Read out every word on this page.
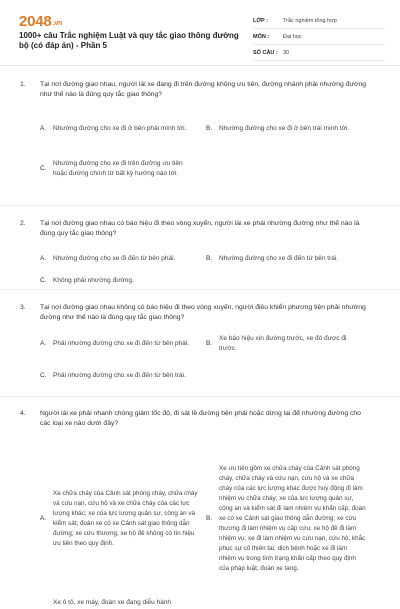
2048.vn
1000+ câu Trắc nghiệm Luật và quy tắc giao thông đường bộ (có đáp án) - Phần 5
LỚP :	Trắc nghiệm tổng hợp
MÔN :	Đại học
SỐ CÂU : 30
1.	Tại nơi đường giao nhau, người lái xe đang đi trên đường không ưu tiên, đường nhánh phải nhường đường như thế nào là đúng quy tắc giao thông?
A.	Nhường đường cho xe đi ở bên phải mình tới.	B.	Nhường đường cho xe đi ở bên trái mình tới.
C.
Nhường đường cho xe đi trên đường ưu tiên hoặc đường chính từ bất kỳ hướng nào tới.
2.	Tại nơi đường giao nhau có báo hiệu đi theo vòng xuyến, người lái xe phải nhường đường như thế nào là đúng quy tắc giao thông?
A.	Nhường đường cho xe đi đến từ bên phải.	B.	Nhường đường cho xe đi đến từ bên trái.
C.	Không phải nhường đường.
3.	Tại nơi đường giao nhau không có báo hiệu đi theo vòng xuyến, người điều khiển phương tiện phải nhường đường như thế nào là đúng quy tắc giao thông?
A.	Phải nhường đường cho xe đi đến từ bên phải.	B.
Xe báo hiệu xin đường trước, xe đó được đi trước.
C.	Phải nhường đường cho xe đi đến từ bên trái.
4.	Người lái xe phải nhanh chóng giảm tốc độ, đi sát lề đường bên phải hoặc dừng lại để nhường đường cho các loại xe nào dưới đây?
A.
Xe chữa cháy của Cảnh sát phòng cháy, chữa cháy và cứu nạn, cứu hộ và xe chữa cháy của các lực lượng khác; xe của lực lượng quân sự, công an và kiểm sát; đoàn xe có xe Cảnh sát giao thông dẫn đường; xe cứu thương; xe hộ đê không có tín hiệu ưu tiên theo quy định.
B.
Xe ưu tiên gồm xe chữa cháy của Cảnh sát phòng cháy, chữa cháy và cứu nạn, cứu hộ và xe chữa cháy của các lực lượng khác được huy động đi làm nhiệm vụ chữa cháy; xe của lực lượng quân sự, công an và kiểm sát đi làm nhiệm vụ khẩn cấp; đoàn xe có xe Cảnh sát giao thông dẫn đường; xe cứu thương đi làm nhiệm vụ cấp cứu; xe hộ đê đi làm nhiệm vụ; xe đi làm nhiệm vụ cứu nạn, cứu hộ, khắc phục sự cố thiên tai, dịch bệnh hoặc xe đi làm nhiệm vụ trong tình trạng khẩn cấp theo quy định của pháp luật; đoàn xe tang.
Xe ô tô, xe máy, đoàn xe đang diễu hành
